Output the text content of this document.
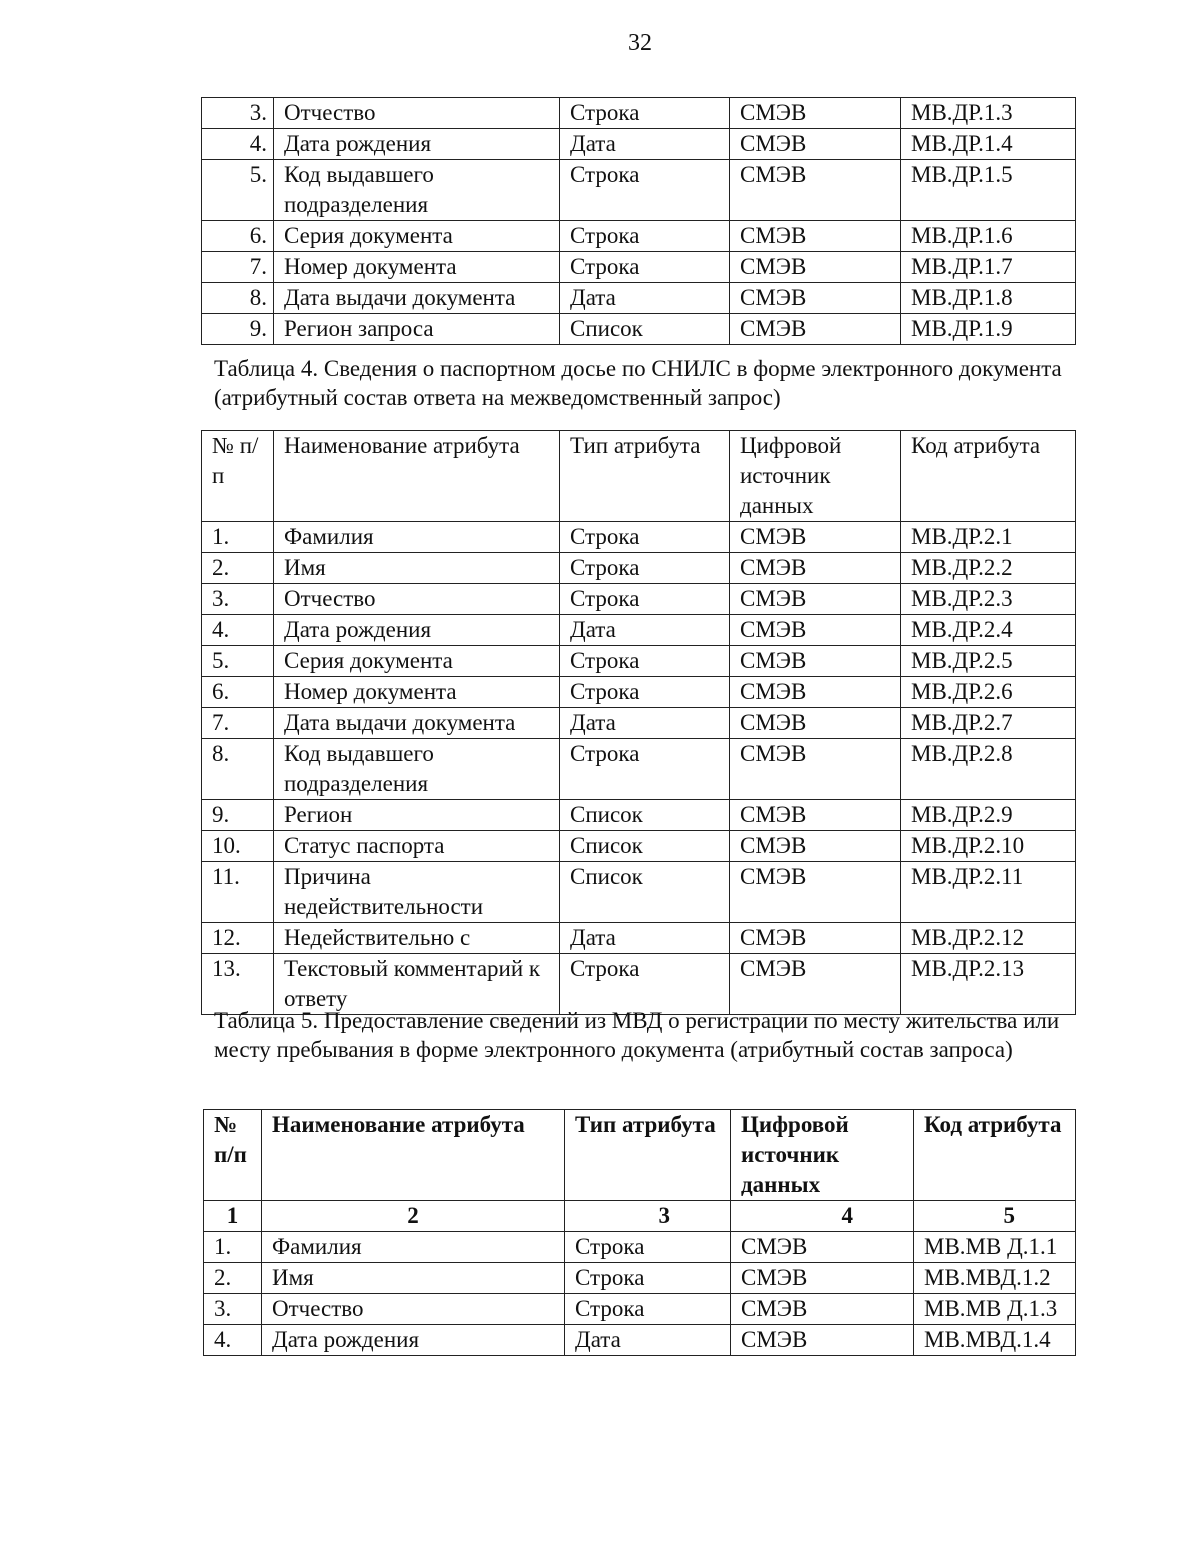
32
3.	Отчество	Строка	СМЭВ	МВ.ДР.1.3
4.	Дата рождения	Дата	СМЭВ	МВ.ДР.1.4
5.	Код выдавшего подразделения	Строка	СМЭВ	МВ.ДР.1.5
6.	Серия документа	Строка	СМЭВ	МВ.ДР.1.6
7.	Номер документа	Строка	СМЭВ	МВ.ДР.1.7
8.	Дата выдачи документа	Дата	СМЭВ	МВ.ДР.1.8
9.	Регион запроса	Список	СМЭВ	МВ.ДР.1.9
Таблица 4. Сведения о паспортном досье по СНИЛС в форме электронного документа (атрибутный состав ответа на межведомственный запрос)
№ п/п	Наименование атрибута	Тип атрибута	Цифровой источник данных	Код атрибута
1.	Фамилия	Строка	СМЭВ	МВ.ДР.2.1
2.	Имя	Строка	СМЭВ	МВ.ДР.2.2
3.	Отчество	Строка	СМЭВ	МВ.ДР.2.3
4.	Дата рождения	Дата	СМЭВ	МВ.ДР.2.4
5.	Серия документа	Строка	СМЭВ	МВ.ДР.2.5
6.	Номер документа	Строка	СМЭВ	МВ.ДР.2.6
7.	Дата выдачи документа	Дата	СМЭВ	МВ.ДР.2.7
8.	Код выдавшего подразделения	Строка	СМЭВ	МВ.ДР.2.8
9.	Регион	Список	СМЭВ	МВ.ДР.2.9
10.	Статус паспорта	Список	СМЭВ	МВ.ДР.2.10
11.	Причина недействительности	Список	СМЭВ	МВ.ДР.2.11
12.	Недействительно с	Дата	СМЭВ	МВ.ДР.2.12
13.	Текстовый комментарий к ответу	Строка	СМЭВ	МВ.ДР.2.13
Таблица 5. Предоставление сведений из МВД о регистрации по месту жительства или месту пребывания в форме электронного документа (атрибутный состав запроса)
№ п/п	Наименование атрибута	Тип атрибута	Цифровой источник данных	Код атрибута
1	2	3	4	5
1.	Фамилия	Строка	СМЭВ	МВ.МВ Д.1.1
2.	Имя	Строка	СМЭВ	МВ.МВД.1.2
3.	Отчество	Строка	СМЭВ	МВ.МВ Д.1.3
4.	Дата рождения	Дата	СМЭВ	МВ.МВД.1.4
